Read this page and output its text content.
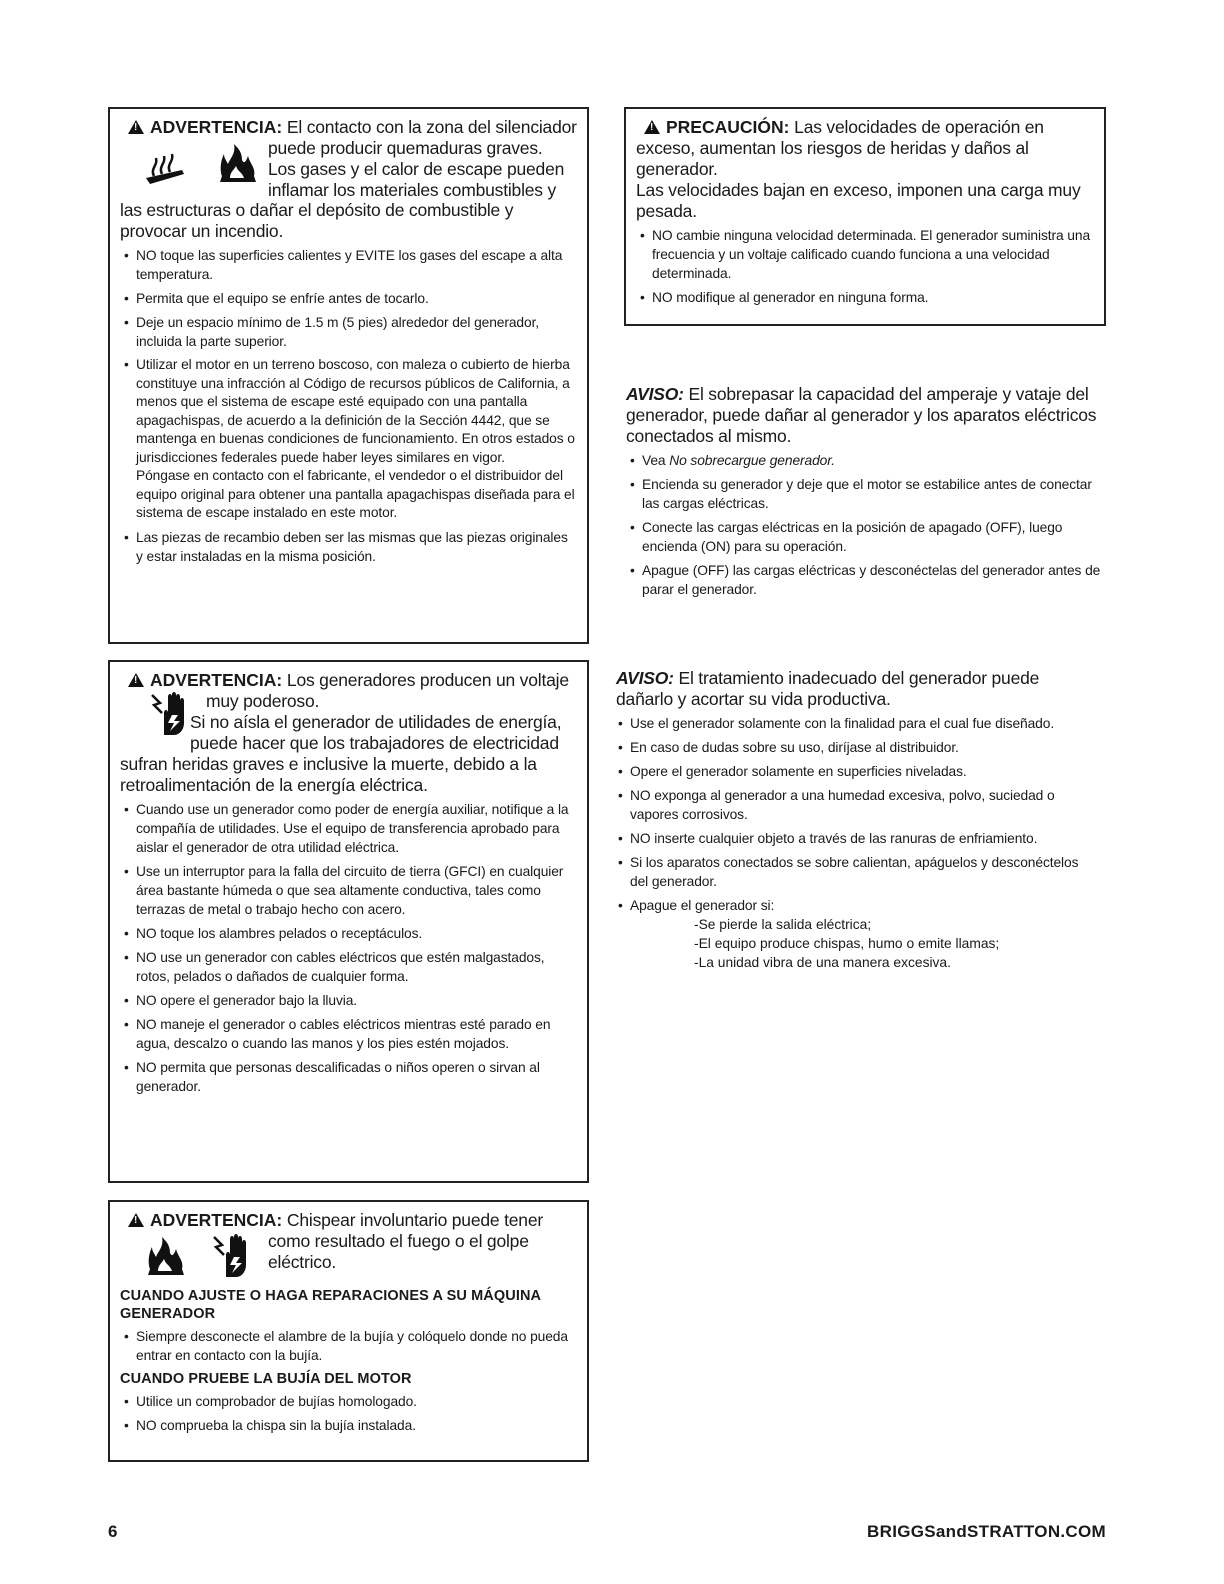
!ADVERTENCIA: El contacto con la zona del silenciador
puede producir quemaduras graves.
Los gases y el calor de escape pueden
inflamar los materiales combustibles y
las estructuras o dañar el depósito de combustible y provocar un incendio.
• NO toque las superficies calientes y EVITE los gases del escape a alta temperatura.
• Permita que el equipo se enfríe antes de tocarlo.
• Deje un espacio mínimo de 1.5 m (5 pies) alrededor del generador, incluida la parte superior.
• Utilizar el motor en un terreno boscoso, con maleza o cubierto de hierba constituye una infracción al Código de recursos públicos de California, a menos que el sistema de escape esté equipado con una pantalla apagachispas, de acuerdo a la definición de la Sección 4442, que se mantenga en buenas condiciones de funcionamiento. En otros estados o jurisdicciones federales puede haber leyes similares en vigor.
Póngase en contacto con el fabricante, el vendedor o el distribuidor del equipo original para obtener una pantalla apagachispas diseñada para el sistema de escape instalado en este motor.
• Las piezas de recambio deben ser las mismas que las piezas originales y estar instaladas en la misma posición.
!ADVERTENCIA: Los generadores producen un voltaje
muy poderoso.
Si no aísla el generador de utilidades de energía,
puede hacer que los trabajadores de electricidad
sufran heridas graves e inclusive la muerte, debido a la retroalimentación de la energía eléctrica.
• Cuando use un generador como poder de energía auxiliar, notifique a la compañía de utilidades. Use el equipo de transferencia aprobado para aislar el generador de otra utilidad eléctrica.
• Use un interruptor para la falla del circuito de tierra (GFCI) en cualquier área bastante húmeda o que sea altamente conductiva, tales como terrazas de metal o trabajo hecho con acero.
• NO toque los alambres pelados o receptáculos.
• NO use un generador con cables eléctricos que estén malgastados, rotos, pelados o dañados de cualquier forma.
• NO opere el generador bajo la lluvia.
• NO maneje el generador o cables eléctricos mientras esté parado en agua, descalzo o cuando las manos y los pies estén mojados.
• NO permita que personas descalificadas o niños operen o sirvan al generador.
!ADVERTENCIA: Chispear involuntario puede tener
como resultado el fuego o el golpe
eléctrico.
CUANDO AJUSTE O HAGA REPARACIONES A SU MÁQUINA GENERADOR
• Siempre desconecte el alambre de la bujía y colóquelo donde no pueda entrar en contacto con la bujía.
CUANDO PRUEBE LA BUJÍA DEL MOTOR
• Utilice un comprobador de bujías homologado.
• NO comprueba la chispa sin la bujía instalada.
!PRECAUCIÓN: Las velocidades de operación en exceso, aumentan los riesgos de heridas y daños al generador.
Las velocidades bajan en exceso, imponen una carga muy pesada.
• NO cambie ninguna velocidad determinada. El generador suministra una frecuencia y un voltaje calificado cuando funciona a una velocidad determinada.
• NO modifique al generador en ninguna forma.
AVISO: El sobrepasar la capacidad del amperaje y vataje del generador, puede dañar al generador y los aparatos eléctricos conectados al mismo.
• Vea No sobrecargue generador.
• Encienda su generador y deje que el motor se estabilice antes de conectar las cargas eléctricas.
• Conecte las cargas eléctricas en la posición de apagado (OFF), luego encienda (ON) para su operación.
• Apague (OFF) las cargas eléctricas y desconéctelas del generador antes de parar el generador.
AVISO: El tratamiento inadecuado del generador puede dañarlo y acortar su vida productiva.
• Use el generador solamente con la finalidad para el cual fue diseñado.
• En caso de dudas sobre su uso, diríjase al distribuidor.
• Opere el generador solamente en superficies niveladas.
• NO exponga al generador a una humedad excesiva, polvo, suciedad o vapores corrosivos.
• NO inserte cualquier objeto a través de las ranuras de enfriamiento.
• Si los aparatos conectados se sobre calientan, apáguelos y desconéctelos del generador.
• Apague el generador si:

-Se pierde la salida eléctrica;

-El equipo produce chispas, humo o emite llamas;

-La unidad vibra de una manera excesiva.

6	BRIGGSandSTRATTON.COM
